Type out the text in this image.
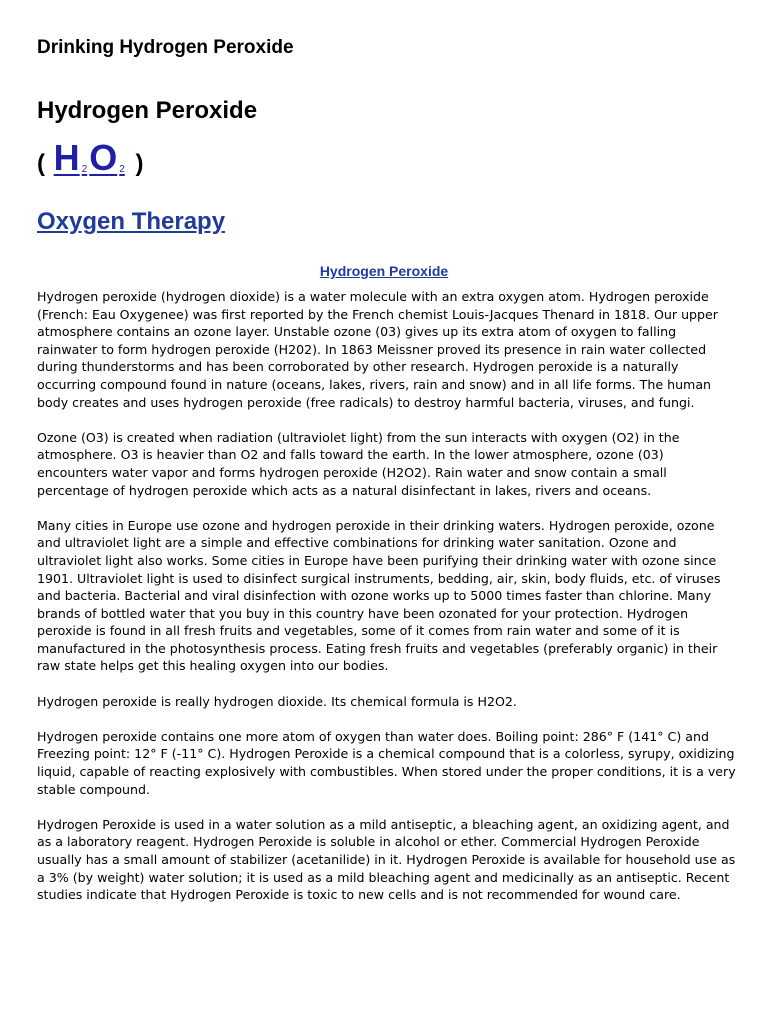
Drinking Hydrogen Peroxide
Hydrogen Peroxide
( H $_2$O $_2$ )
Oxygen Therapy
Hydrogen Peroxide

Hydrogen peroxide (hydrogen dioxide) is a water molecule with an extra oxygen atom. Hydrogen peroxide (French: Eau Oxygenee) was first reported by the French chemist Louis-Jacques Thenard in 1818. Our upper atmosphere contains an ozone layer. Unstable ozone (03) gives up its extra atom of oxygen to falling rainwater to form hydrogen peroxide (H202). In 1863 Meissner proved its presence in rain water collected during thunderstorms and has been corroborated by other research. Hydrogen peroxide is a naturally occurring compound found in nature (oceans, lakes, rivers, rain and snow) and in all life forms. The human body creates and uses hydrogen peroxide (free radicals) to destroy harmful bacteria, viruses, and fungi.

Ozone (O3) is created when radiation (ultraviolet light) from the sun interacts with oxygen (O2) in the atmosphere. O3 is heavier than O2 and falls toward the earth. In the lower atmosphere, ozone (03) encounters water vapor and forms hydrogen peroxide (H2O2). Rain water and snow contain a small percentage of hydrogen peroxide which acts as a natural disinfectant in lakes, rivers and oceans.

Many cities in Europe use ozone and hydrogen peroxide in their drinking waters. Hydrogen peroxide, ozone and ultraviolet light are a simple and effective combinations for drinking water sanitation. Ozone and ultraviolet light also works. Some cities in Europe have been purifying their drinking water with ozone since 1901. Ultraviolet light is used to disinfect surgical instruments, bedding, air, skin, body fluids, etc. of viruses and bacteria. Bacterial and viral disinfection with ozone works up to 5000 times faster than chlorine. Many brands of bottled water that you buy in this country have been ozonated for your protection. Hydrogen peroxide is found in all fresh fruits and vegetables, some of it comes from rain water and some of it is manufactured in the photosynthesis process. Eating fresh fruits and vegetables (preferably organic) in their raw state helps get this healing oxygen into our bodies.

Hydrogen peroxide is really hydrogen dioxide. Its chemical formula is H2O2.

Hydrogen peroxide contains one more atom of oxygen than water does. Boiling point: 286° F (141° C) and Freezing point: 12° F (-11° C). Hydrogen Peroxide is a chemical compound that is a colorless, syrupy, oxidizing liquid, capable of reacting explosively with combustibles. When stored under the proper conditions, it is a very stable compound.

Hydrogen Peroxide is used in a water solution as a mild antiseptic, a bleaching agent, an oxidizing agent, and as a laboratory reagent. Hydrogen Peroxide is soluble in alcohol or ether. Commercial Hydrogen Peroxide usually has a small amount of stabilizer (acetanilide) in it. Hydrogen Peroxide is available for household use as a 3% (by weight) water solution; it is used as a mild bleaching agent and medicinally as an antiseptic. Recent studies indicate that Hydrogen Peroxide is toxic to new cells and is not recommended for wound care.
